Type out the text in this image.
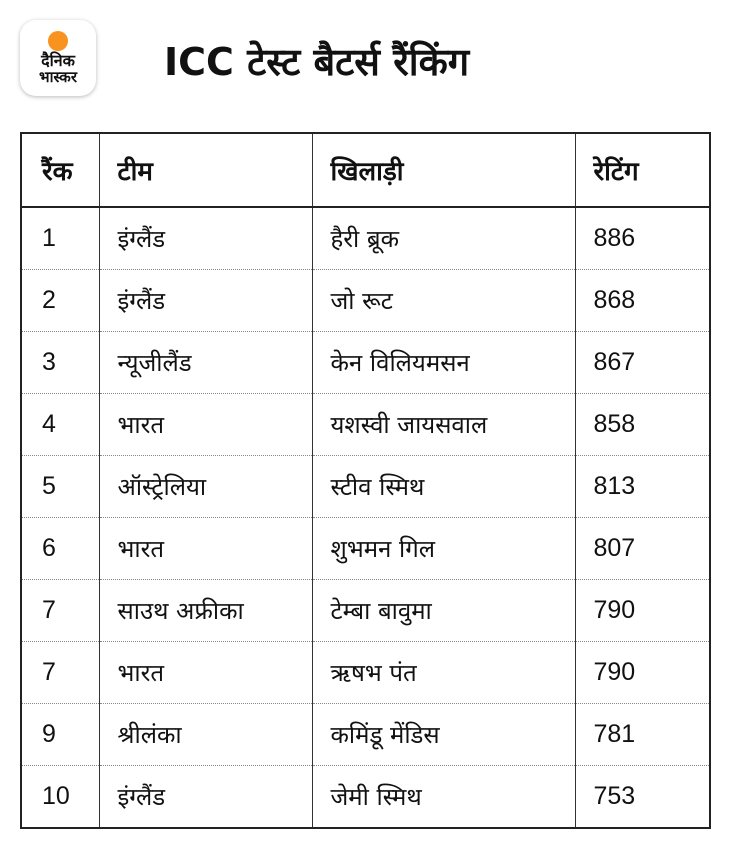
दैनिक
भास्कर ICC टेस्ट बैटर्स रैंकिंग
रैंक	टीम	खिलाड़ी	रेटिंग
1	इंग्लैंड	हैरी ब्रूक	886
2	इंग्लैंड	जो रूट	868
3	न्यूजीलैंड	केन विलियमसन	867
4	भारत	यशस्वी जायसवाल	858
5	ऑस्ट्रेलिया	स्टीव स्मिथ	813
6	भारत	शुभमन गिल	807
7	साउथ अफ्रीका	टेम्बा बावुमा	790
7	भारत	ऋषभ पंत	790
9	श्रीलंका	कमिंडू मेंडिस	781
10	इंग्लैंड	जेमी स्मिथ	753
